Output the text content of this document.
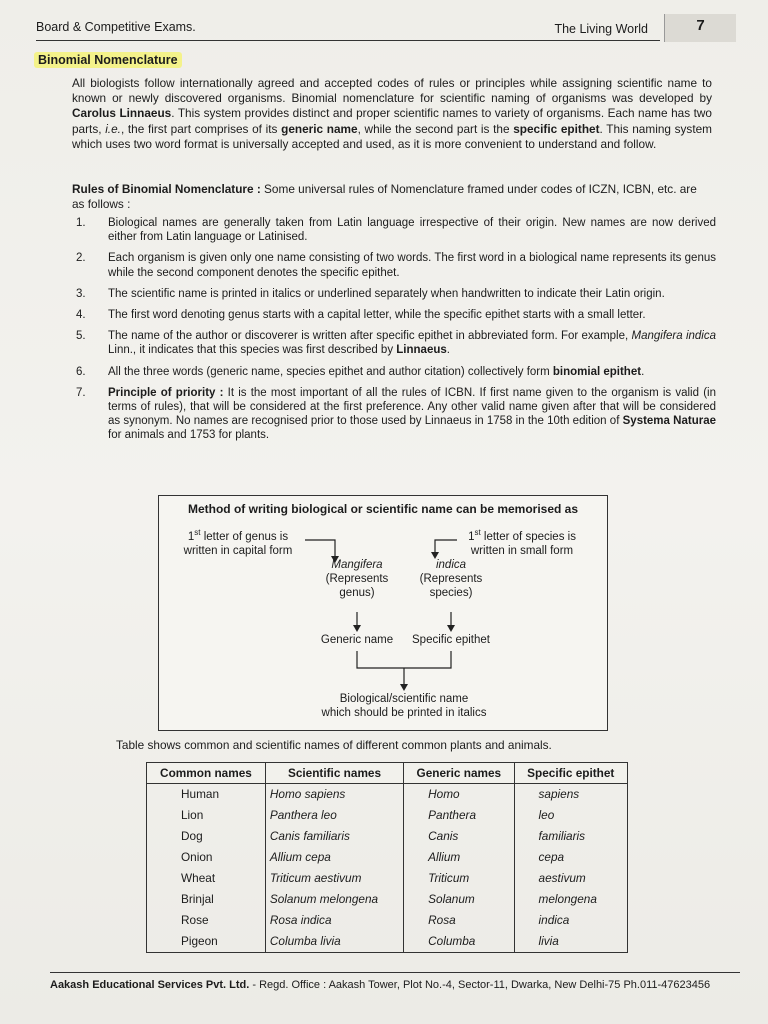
Board & Competitive Exams.	The Living World	7
Binomial Nomenclature

All biologists follow internationally agreed and accepted codes of rules or principles while assigning scientific name to known or newly discovered organisms. Binomial nomenclature for scientific naming of organisms was developed by Carolus Linnaeus. This system provides distinct and proper scientific names to variety of organisms. Each name has two parts, i.e., the first part comprises of its generic name, while the second part is the specific epithet. This naming system which uses two word format is universally accepted and used, as it is more convenient to understand and follow.

Rules of Binomial Nomenclature : Some universal rules of Nomenclature framed under codes of ICZN, ICBN, etc. are as follows :

1. Biological names are generally taken from Latin language irrespective of their origin. New names are now derived either from Latin language or Latinised.
2. Each organism is given only one name consisting of two words. The first word in a biological name represents its genus while the second component denotes the specific epithet.
3. The scientific name is printed in italics or underlined separately when handwritten to indicate their Latin origin.
4. The first word denoting genus starts with a capital letter, while the specific epithet starts with a small letter.
5. The name of the author or discoverer is written after specific epithet in abbreviated form. For example, Mangifera indica Linn., it indicates that this species was first described by Linnaeus.
6. All the three words (generic name, species epithet and author citation) collectively form binomial epithet.
7. Principle of priority : It is the most important of all the rules of ICBN. If first name given to the organism is valid (in terms of rules), that will be considered at the first preference. Any other valid name given after that will be considered as synonym. No names are recognised prior to those used by Linnaeus in 1758 in the 10th edition of Systema Naturae for animals and 1753 for plants.
Method of writing biological or scientific name can be memorised as
1st letter of genus is
written in capital form
1st letter of species is
written in small form
Mangifera
(Represents
genus)
indica
(Represents
species)
Generic name	Specific epithet
Biological/scientific name
which should be printed in italics
Table shows common and scientific names of different common plants and animals.
Common names	Scientific names	Generic names	Specific epithet
Human	Homo sapiens	Homo	sapiens
Lion	Panthera leo	Panthera	leo
Dog	Canis familiaris	Canis	familiaris
Onion	Allium cepa	Allium	cepa
Wheat	Triticum aestivum	Triticum	aestivum
Brinjal	Solanum melongena	Solanum	melongena
Rose	Rosa indica	Rosa	indica
Pigeon	Columba livia	Columba	livia
Aakash Educational Services Pvt. Ltd. - Regd. Office : Aakash Tower, Plot No.-4, Sector-11, Dwarka, New Delhi-75 Ph.011-47623456
